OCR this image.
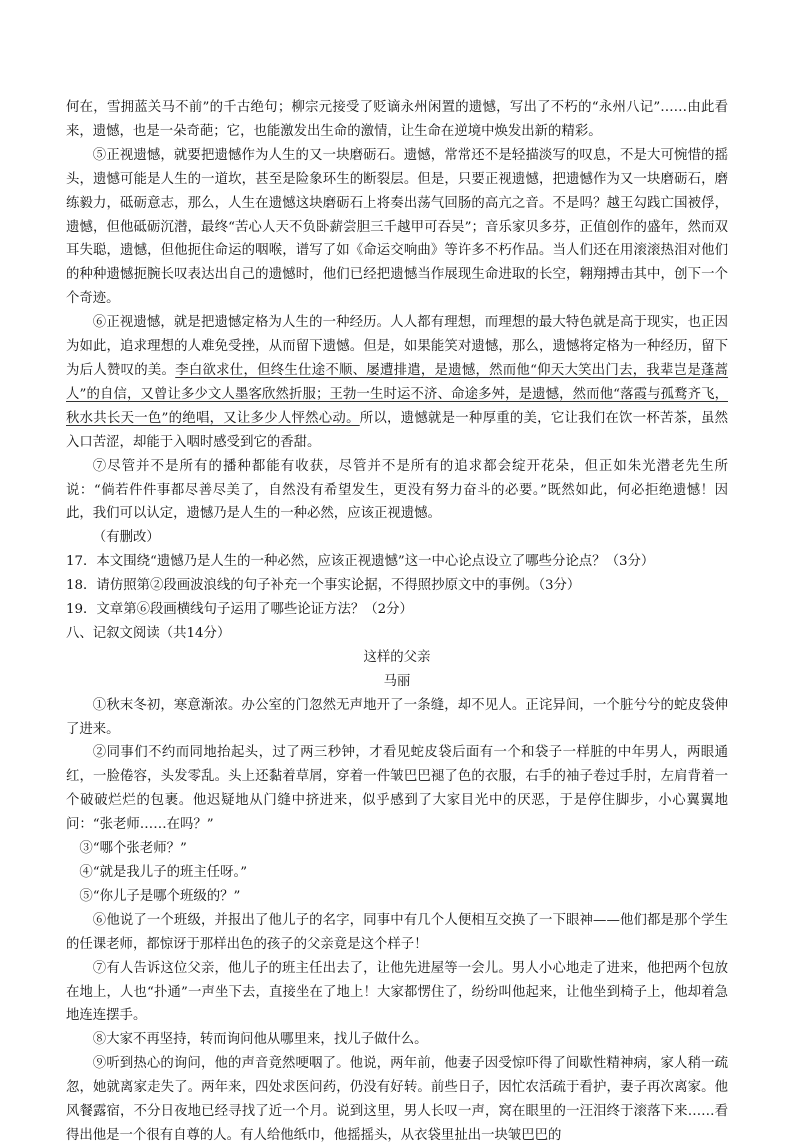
何在，雪拥蓝关马不前”的千古绝句；柳宗元接受了贬谪永州闲置的遗憾，写出了不朽的“永州八记”……由此看来，遗憾，也是一朵奇葩；它，也能激发出生命的激情，让生命在逆境中焕发出新的精彩。

⑤正视遗憾，就要把遗憾作为人生的又一块磨砺石。遗憾，常常还不是轻描淡写的叹息，不是大可惋惜的摇头，遗憾可能是人生的一道坎，甚至是险象环生的断裂层。但是，只要正视遗憾，把遗憾作为又一块磨砺石，磨练毅力，砥砺意志，那么，人生在遗憾这块磨砺石上将奏出荡气回肠的高亢之音。不是吗？越王勾践亡国被俘，遗憾，但他砥砺沉潜，最终“苦心人天不负卧薪尝胆三千越甲可吞吴”；音乐家贝多芬，正值创作的盛年，然而双耳失聪，遗憾，但他扼住命运的咽喉，谱写了如《命运交响曲》等许多不朽作品。当人们还在用滚滚热泪对他们的种种遗憾扼腕长叹表达出自己的遗憾时，他们已经把遗憾当作展现生命进取的长空，翱翔搏击其中，创下一个个奇迹。

⑥正视遗憾，就是把遗憾定格为人生的一种经历。人人都有理想，而理想的最大特色就是高于现实，也正因为如此，追求理想的人难免受挫，从而留下遗憾。但是，如果能笑对遗憾，那么，遗憾将定格为一种经历，留下为后人赞叹的美。李白欲求仕，但终生仕途不顺、屡遭排遣，是遗憾，然而他“仰天大笑出门去，我辈岂是蓬蒿人”的自信，又曾让多少文人墨客欣然折服；王勃一生时运不济、命途多舛，是遗憾，然而他“落霞与孤鹜齐飞，秋水共长天一色”的绝唱，又让多少人怦然心动。所以，遗憾就是一种厚重的美，它让我们在饮一杯苦茶，虽然入口苦涩，却能于入咽时感受到它的香甜。

⑦尽管并不是所有的播种都能有收获，尽管并不是所有的追求都会绽开花朵，但正如朱光潜老先生所说：“倘若件件事都尽善尽美了，自然没有希望发生，更没有努力奋斗的必要。”既然如此，何必拒绝遗憾！因此，我们可以认定，遗憾乃是人生的一种必然，应该正视遗憾。

（有删改）

17．本文围绕“遗憾乃是人生的一种必然，应该正视遗憾”这一中心论点设立了哪些分论点？（3分）

18．请仿照第②段画波浪线的句子补充一个事实论据，不得照抄原文中的事例。（3分）

19．文章第⑥段画横线句子运用了哪些论证方法？（2分）

八、记叙文阅读（共14分）

这样的父亲

马丽

①秋末冬初，寒意渐浓。办公室的门忽然无声地开了一条缝，却不见人。正诧异间，一个脏兮兮的蛇皮袋伸了进来。

②同事们不约而同地抬起头，过了两三秒钟，才看见蛇皮袋后面有一个和袋子一样脏的中年男人，两眼通红，一脸倦容，头发零乱。头上还黏着草屑，穿着一件皱巴巴褪了色的衣服，右手的袖子卷过手肘，左肩背着一个破破烂烂的包裹。他迟疑地从门缝中挤进来，似乎感到了大家目光中的厌恶，于是停住脚步，小心翼翼地问：“张老师……在吗？”

③“哪个张老师？”

④“就是我儿子的班主任呀。”

⑤“你儿子是哪个班级的？”

⑥他说了一个班级，并报出了他儿子的名字，同事中有几个人便相互交换了一下眼神——他们都是那个学生的任课老师，都惊讶于那样出色的孩子的父亲竟是这个样子！

⑦有人告诉这位父亲，他儿子的班主任出去了，让他先进屋等一会儿。男人小心地走了进来，他把两个包放在地上，人也“扑通”一声坐下去，直接坐在了地上！大家都愣住了，纷纷叫他起来，让他坐到椅子上，他却着急地连连摆手。

⑧大家不再坚持，转而询问他从哪里来，找儿子做什么。

⑨听到热心的询问，他的声音竟然哽咽了。他说，两年前，他妻子因受惊吓得了间歇性精神病，家人稍一疏忽，她就离家走失了。两年来，四处求医问药，仍没有好转。前些日子，因忙农活疏于看护，妻子再次离家。他风餐露宿，不分日夜地已经寻找了近一个月。说到这里，男人长叹一声，窝在眼里的一汪泪终于滚落下来……看得出他是一个很有自尊的人。有人给他纸巾，他摇摇头，从衣袋里扯出一块皱巴巴的
